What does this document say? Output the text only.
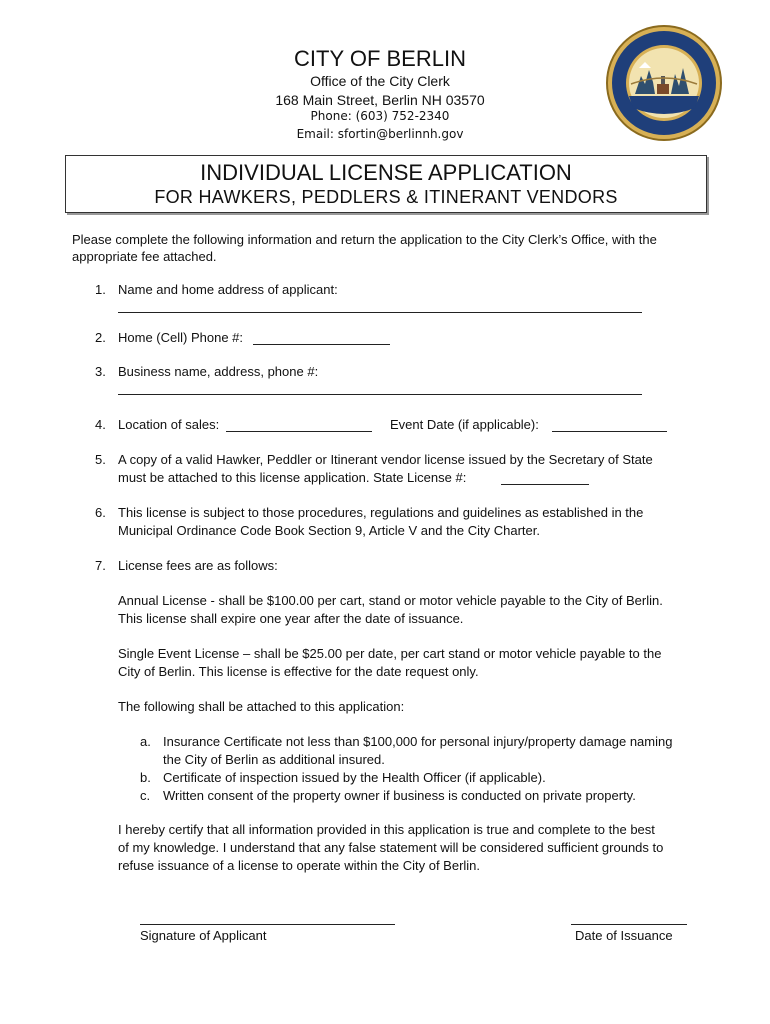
CITY OF BERLIN
Office of the City Clerk
168 Main Street, Berlin NH 03570
Phone: (603) 752-2340
Email: sfortin@berlinnh.gov
INDIVIDUAL LICENSE APPLICATION
FOR HAWKERS, PEDDLERS & ITINERANT VENDORS
Please complete the following information and return the application to the City Clerk’s Office, with the
appropriate fee attached.
1. Name and home address of applicant:
2. Home (Cell) Phone #:
3. Business name, address, phone #:
4. Location of sales:	Event Date (if applicable):
5. A copy of a valid Hawker, Peddler or Itinerant vendor license issued by the Secretary of State
must be attached to this license application. State License #:
6. This license is subject to those procedures, regulations and guidelines as established in the
Municipal Ordinance Code Book Section 9, Article V and the City Charter.
7. License fees are as follows:
Annual License - shall be $100.00 per cart, stand or motor vehicle payable to the City of Berlin.
This license shall expire one year after the date of issuance.
Single Event License – shall be $25.00 per date, per cart stand or motor vehicle payable to the
City of Berlin. This license is effective for the date request only.
The following shall be attached to this application:
a. Insurance Certificate not less than $100,000 for personal injury/property damage naming
the City of Berlin as additional insured.
b. Certificate of inspection issued by the Health Officer (if applicable).
c. Written consent of the property owner if business is conducted on private property.
I hereby certify that all information provided in this application is true and complete to the best
of my knowledge. I understand that any false statement will be considered sufficient grounds to
refuse issuance of a license to operate within the City of Berlin.
Signature of Applicant	Date of Issuance
